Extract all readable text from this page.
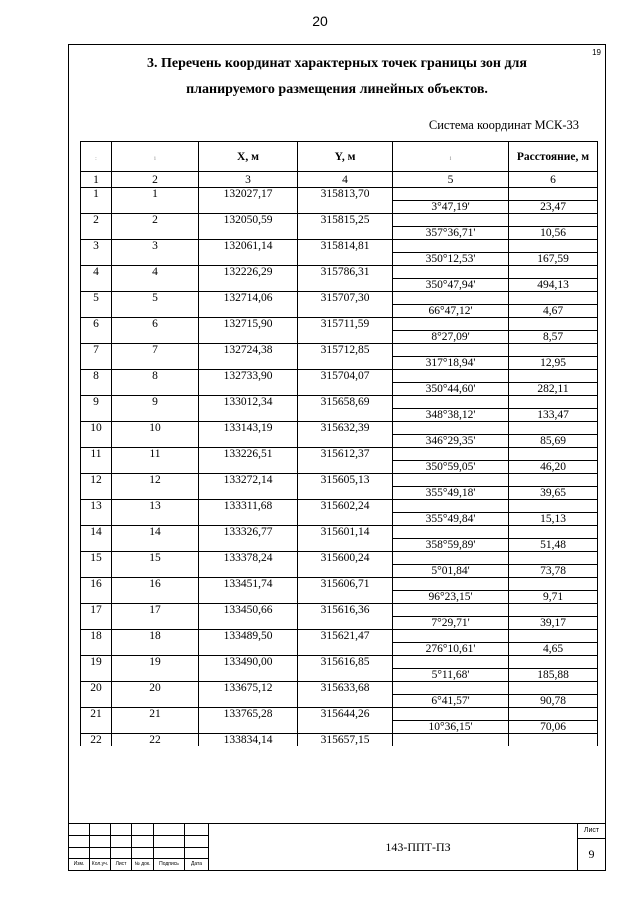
20
19
3. Перечень координат характерных точек границы зон для
планируемого размещения линейных объектов.
Система координат МСК-33
:	i	X, м	Y, м	i	Расстояние, м
1	2	3	4	5	6
1	1	132027,17	315813,70		
				3°47,19'	23,47
2	2	132050,59	315815,25		
				357°36,71'	10,56
3	3	132061,14	315814,81		
				350°12,53'	167,59
4	4	132226,29	315786,31		
				350°47,94'	494,13
5	5	132714,06	315707,30		
				66°47,12'	4,67
6	6	132715,90	315711,59		
				8°27,09'	8,57
7	7	132724,38	315712,85		
				317°18,94'	12,95
8	8	132733,90	315704,07		
				350°44,60'	282,11
9	9	133012,34	315658,69		
				348°38,12'	133,47
10	10	133143,19	315632,39		
				346°29,35'	85,69
11	11	133226,51	315612,37		
				350°59,05'	46,20
12	12	133272,14	315605,13		
				355°49,18'	39,65
13	13	133311,68	315602,24		
				355°49,84'	15,13
14	14	133326,77	315601,14		
				358°59,89'	51,48
15	15	133378,24	315600,24		
				5°01,84'	73,78
16	16	133451,74	315606,71		
				96°23,15'	9,71
17	17	133450,66	315616,36		
				7°29,71'	39,17
18	18	133489,50	315621,47		
				276°10,61'	4,65
19	19	133490,00	315616,85		
				5°11,68'	185,88
20	20	133675,12	315633,68		
				6°41,57'	90,78
21	21	133765,28	315644,26		
				10°36,15'	70,06
22	22	133834,14	315657,15		
Изм.	Кол.уч.	Лист	№ док.	Подпись	Дата
143-ППТ-ПЗ
Лист
9
